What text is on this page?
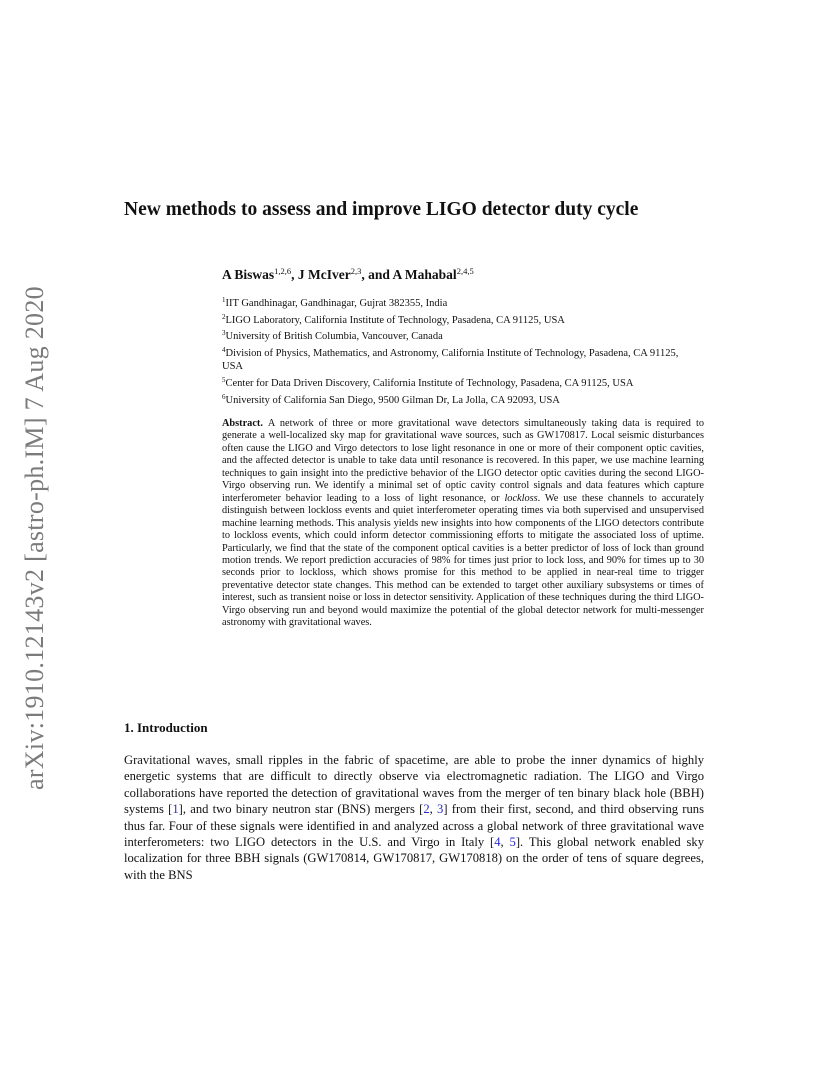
arXiv:1910.12143v2 [astro-ph.IM] 7 Aug 2020
New methods to assess and improve LIGO detector duty cycle
A Biswas$^{1,2,6}$, J McIver$^{2,3}$, and A Mahabal$^{2,4,5}$
$^1$IIT Gandhinagar, Gandhinagar, Gujrat 382355, India
$^2$LIGO Laboratory, California Institute of Technology, Pasadena, CA 91125, USA
$^3$University of British Columbia, Vancouver, Canada
$^4$Division of Physics, Mathematics, and Astronomy, California Institute of Technology, Pasadena, CA 91125, USA
$^5$Center for Data Driven Discovery, California Institute of Technology, Pasadena, CA 91125, USA
$^6$University of California San Diego, 9500 Gilman Dr, La Jolla, CA 92093, USA

Abstract. A network of three or more gravitational wave detectors simultaneously taking data is required to generate a well-localized sky map for gravitational wave sources, such as GW170817. Local seismic disturbances often cause the LIGO and Virgo detectors to lose light resonance in one or more of their component optic cavities, and the affected detector is unable to take data until resonance is recovered. In this paper, we use machine learning techniques to gain insight into the predictive behavior of the LIGO detector optic cavities during the second LIGO-Virgo observing run. We identify a minimal set of optic cavity control signals and data features which capture interferometer behavior leading to a loss of light resonance, or lockloss. We use these channels to accurately distinguish between lockloss events and quiet interferometer operating times via both supervised and unsupervised machine learning methods. This analysis yields new insights into how components of the LIGO detectors contribute to lockloss events, which could inform detector commissioning efforts to mitigate the associated loss of uptime. Particularly, we find that the state of the component optical cavities is a better predictor of loss of lock than ground motion trends. We report prediction accuracies of 98% for times just prior to lock loss, and 90% for times up to 30 seconds prior to lockloss, which shows promise for this method to be applied in near-real time to trigger preventative detector state changes. This method can be extended to target other auxiliary subsystems or times of interest, such as transient noise or loss in detector sensitivity. Application of these techniques during the third LIGO-Virgo observing run and beyond would maximize the potential of the global detector network for multi-messenger astronomy with gravitational waves.

1. Introduction

Gravitational waves, small ripples in the fabric of spacetime, are able to probe the inner dynamics of highly energetic systems that are difficult to directly observe via electromagnetic radiation. The LIGO and Virgo collaborations have reported the detection of gravitational waves from the merger of ten binary black hole (BBH) systems [1], and two binary neutron star (BNS) mergers [2, 3] from their first, second, and third observing runs thus far. Four of these signals were identified in and analyzed across a global network of three gravitational wave interferometers: two LIGO detectors in the U.S. and Virgo in Italy [4, 5]. This global network enabled sky localization for three BBH signals (GW170814, GW170817, GW170818) on the order of tens of square degrees, with the BNS
